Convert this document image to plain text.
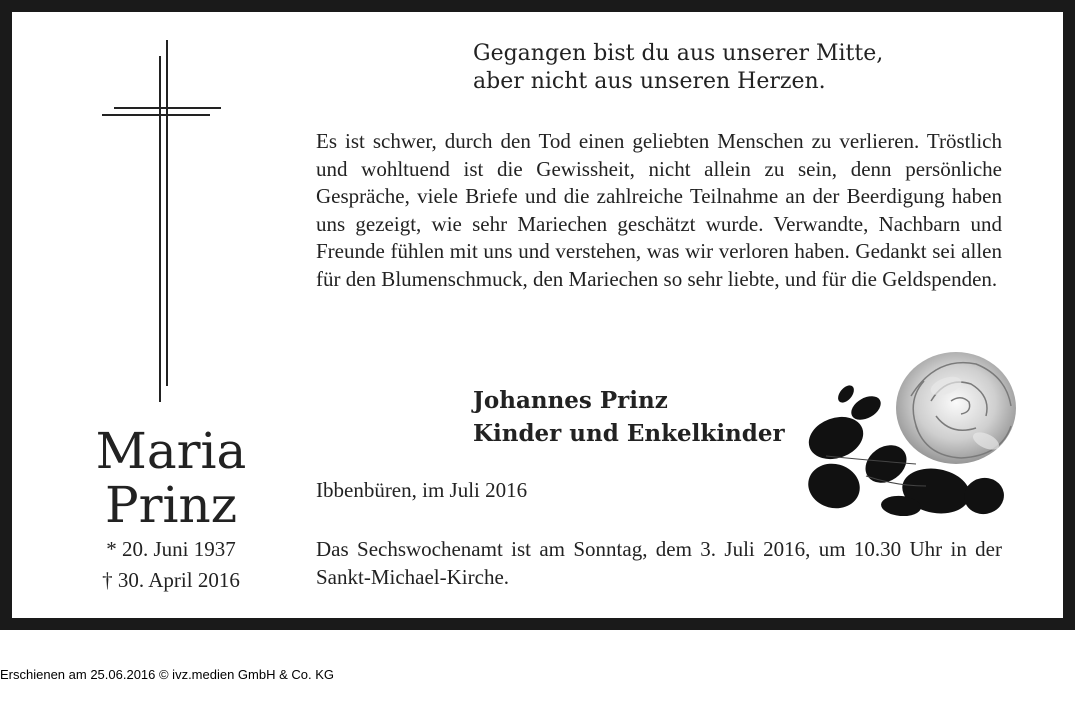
Maria
Prinz
* 20. Juni 1937
† 30. April 2016
Gegangen bist du aus unserer Mitte,
aber nicht aus unseren Herzen.
Es ist schwer, durch den Tod einen geliebten Menschen zu verlieren. Tröstlich und wohltuend ist die Gewissheit, nicht allein zu sein, denn persönliche Gespräche, viele Briefe und die zahlreiche Teilnahme an der Beerdigung haben uns gezeigt, wie sehr Mariechen geschätzt wurde. Verwandte, Nachbarn und Freunde fühlen mit uns und verstehen, was wir verloren haben. Gedankt sei allen für den Blumenschmuck, den Mariechen so sehr liebte, und für die Geldspenden.
Johannes Prinz
Kinder und Enkelkinder
Ibbenbüren, im Juli 2016
Das Sechswochenamt ist am Sonntag, dem 3. Juli 2016, um 10.30 Uhr in der Sankt-Michael-Kirche.
Erschienen am 25.06.2016 © ivz.medien GmbH & Co. KG
